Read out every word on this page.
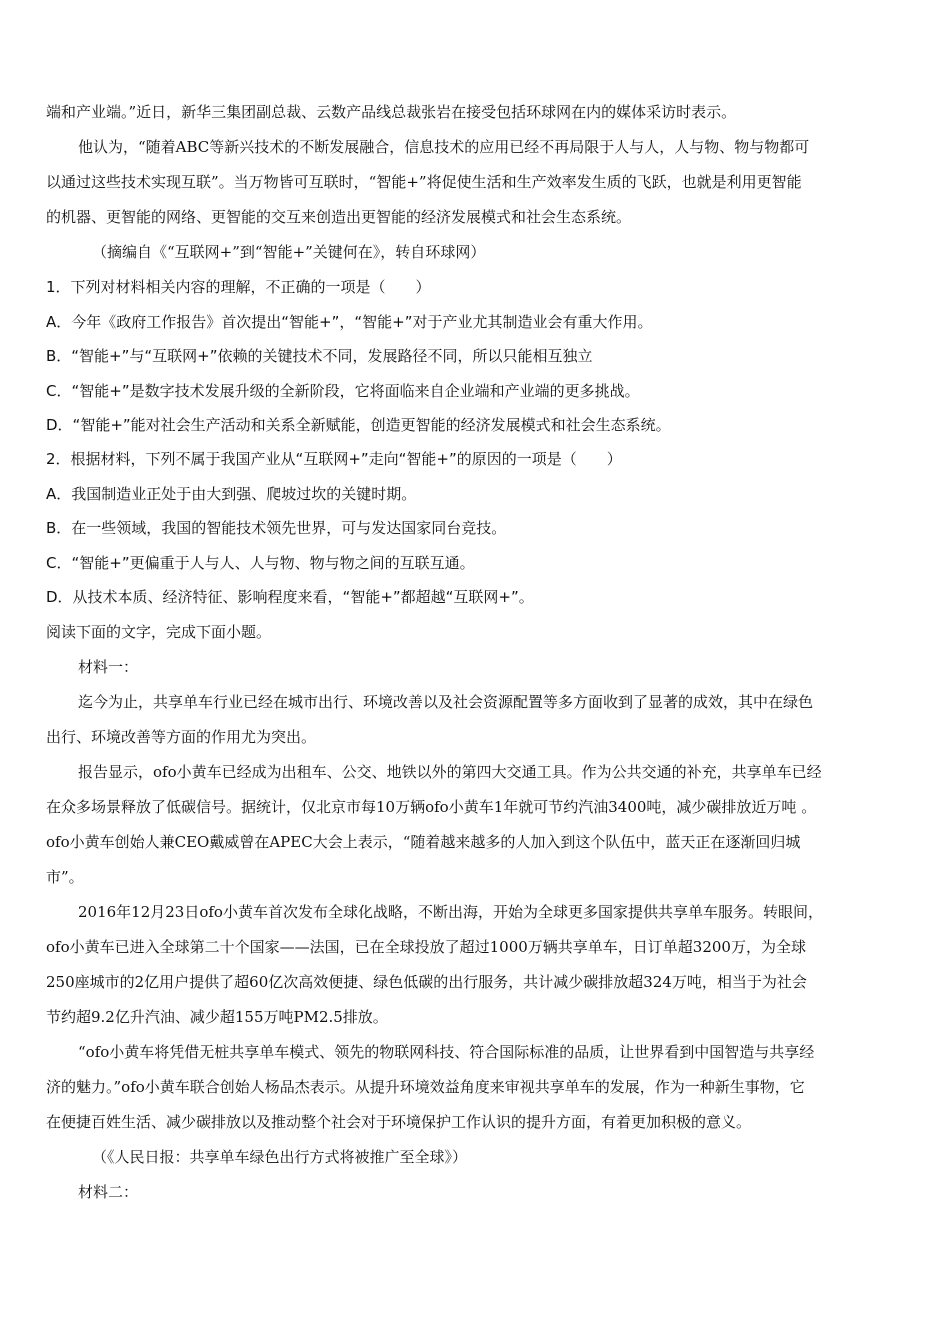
端和产业端。”近日，新华三集团副总裁、云数产品线总裁张岩在接受包括环球网在内的媒体采访时表示。
他认为，“随着ABC等新兴技术的不断发展融合，信息技术的应用已经不再局限于人与人，人与物、物与物都可
以通过这些技术实现互联”。当万物皆可互联时，“智能+”将促使生活和生产效率发生质的飞跃，也就是利用更智能
的机器、更智能的网络、更智能的交互来创造出更智能的经济发展模式和社会生态系统。
（摘编自《“互联网+”到“智能+”关键何在》，转自环球网）
1．下列对材料相关内容的理解，不正确的一项是（　　）
A．今年《政府工作报告》首次提出“智能+”，“智能+”对于产业尤其制造业会有重大作用。
B．“智能+”与“互联网+”依赖的关键技术不同，发展路径不同，所以只能相互独立
C．“智能+”是数字技术发展升级的全新阶段，它将面临来自企业端和产业端的更多挑战。
D．“智能+”能对社会生产活动和关系全新赋能，创造更智能的经济发展模式和社会生态系统。
2．根据材料，下列不属于我国产业从“互联网+”走向“智能+”的原因的一项是（　　）
A．我国制造业正处于由大到强、爬坡过坎的关键时期。
B．在一些领域，我国的智能技术领先世界，可与发达国家同台竞技。
C．“智能+”更偏重于人与人、人与物、物与物之间的互联互通。
D．从技术本质、经济特征、影响程度来看，“智能+”都超越“互联网+”。
阅读下面的文字，完成下面小题。
材料一：
迄今为止，共享单车行业已经在城市出行、环境改善以及社会资源配置等多方面收到了显著的成效，其中在绿色
出行、环境改善等方面的作用尤为突出。
报告显示，ofo小黄车已经成为出租车、公交、地铁以外的第四大交通工具。作为公共交通的补充，共享单车已经
在众多场景释放了低碳信号。据统计，仅北京市每10万辆ofo小黄车1年就可节约汽油3400吨，减少碳排放近万吨 。
ofo小黄车创始人兼CEO戴威曾在APEC大会上表示，“随着越来越多的人加入到这个队伍中，蓝天正在逐渐回归城
市”。
2016年12月23日ofo小黄车首次发布全球化战略，不断出海，开始为全球更多国家提供共享单车服务。转眼间，
ofo小黄车已进入全球第二十个国家——法国，已在全球投放了超过1000万辆共享单车，日订单超3200万，为全球
250座城市的2亿用户提供了超60亿次高效便捷、绿色低碳的出行服务，共计减少碳排放超324万吨，相当于为社会
节约超9.2亿升汽油、减少超155万吨PM2.5排放。
“ofo小黄车将凭借无桩共享单车模式、领先的物联网科技、符合国际标准的品质，让世界看到中国智造与共享经
济的魅力。”ofo小黄车联合创始人杨品杰表示。从提升环境效益角度来审视共享单车的发展，作为一种新生事物，它
在便捷百姓生活、减少碳排放以及推动整个社会对于环境保护工作认识的提升方面，有着更加积极的意义。
（《人民日报：共享单车绿色出行方式将被推广至全球》）
材料二：
